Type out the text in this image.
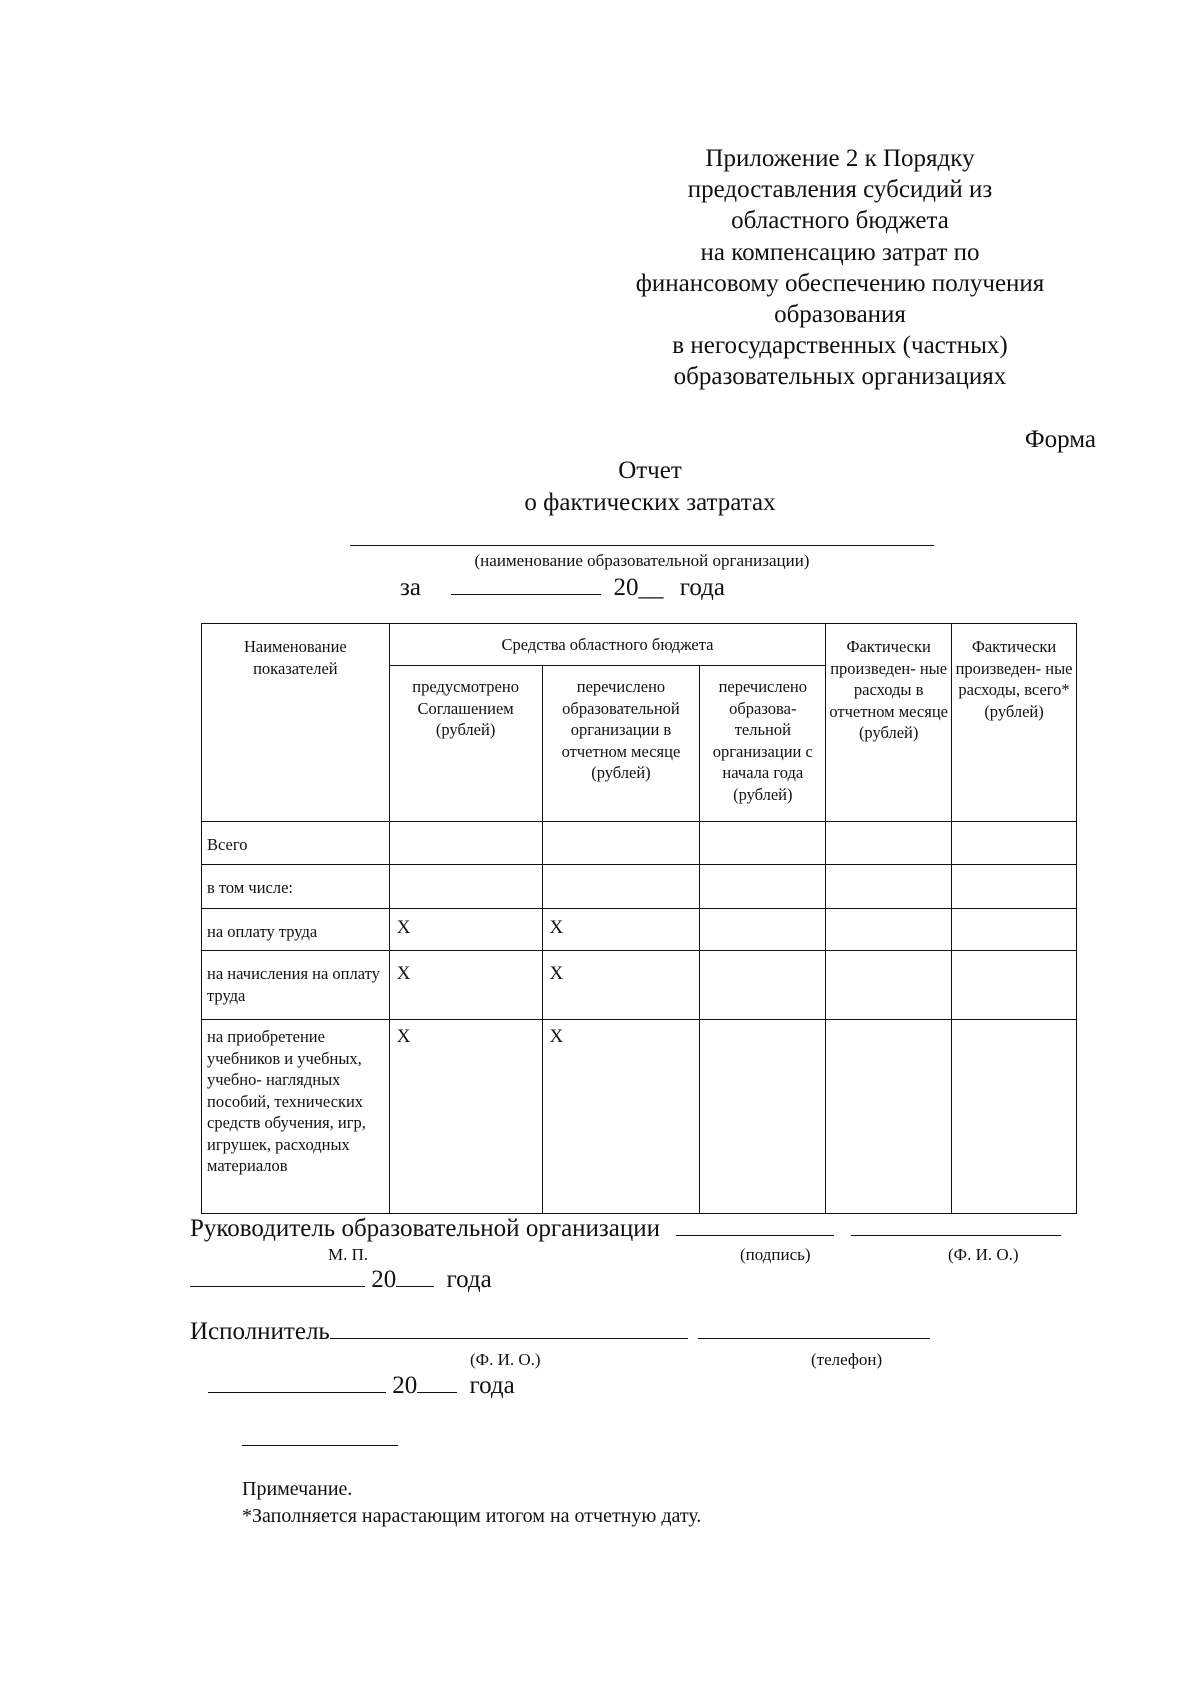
Приложение 2 к Порядку
предоставления субсидий из
областного бюджета
на компенсацию затрат по
финансовому обеспечению получения
образования
в негосударственных (частных)
образовательных организациях
Форма
Отчет
о фактических затратах
(наименование образовательной организации)
за	20__ года
Наименование показателей	Средства областного бюджета			Фактически произведен- ные расходы в отчетном месяце (рублей)	Фактически произведен- ные расходы, всего* (рублей)
	предусмотрено Соглашением (рублей)	перечислено образовательной организации в отчетном месяце (рублей)	перечислено образова- тельной организации с начала года (рублей)		
Всего					
в том числе:					
на оплату труда	X	X			
на начисления на оплату труда	X	X			
на приобретение учебников и учебных, учебно- наглядных пособий, технических средств обучения, игр, игрушек, расходных материалов	X	X			
Руководитель образовательной организации
М. П.	(подпись)	(Ф. И. О.)
20 года
Исполнитель
(Ф. И. О.)	(телефон)
20 года
Примечание.
*Заполняется нарастающим итогом на отчетную дату.
